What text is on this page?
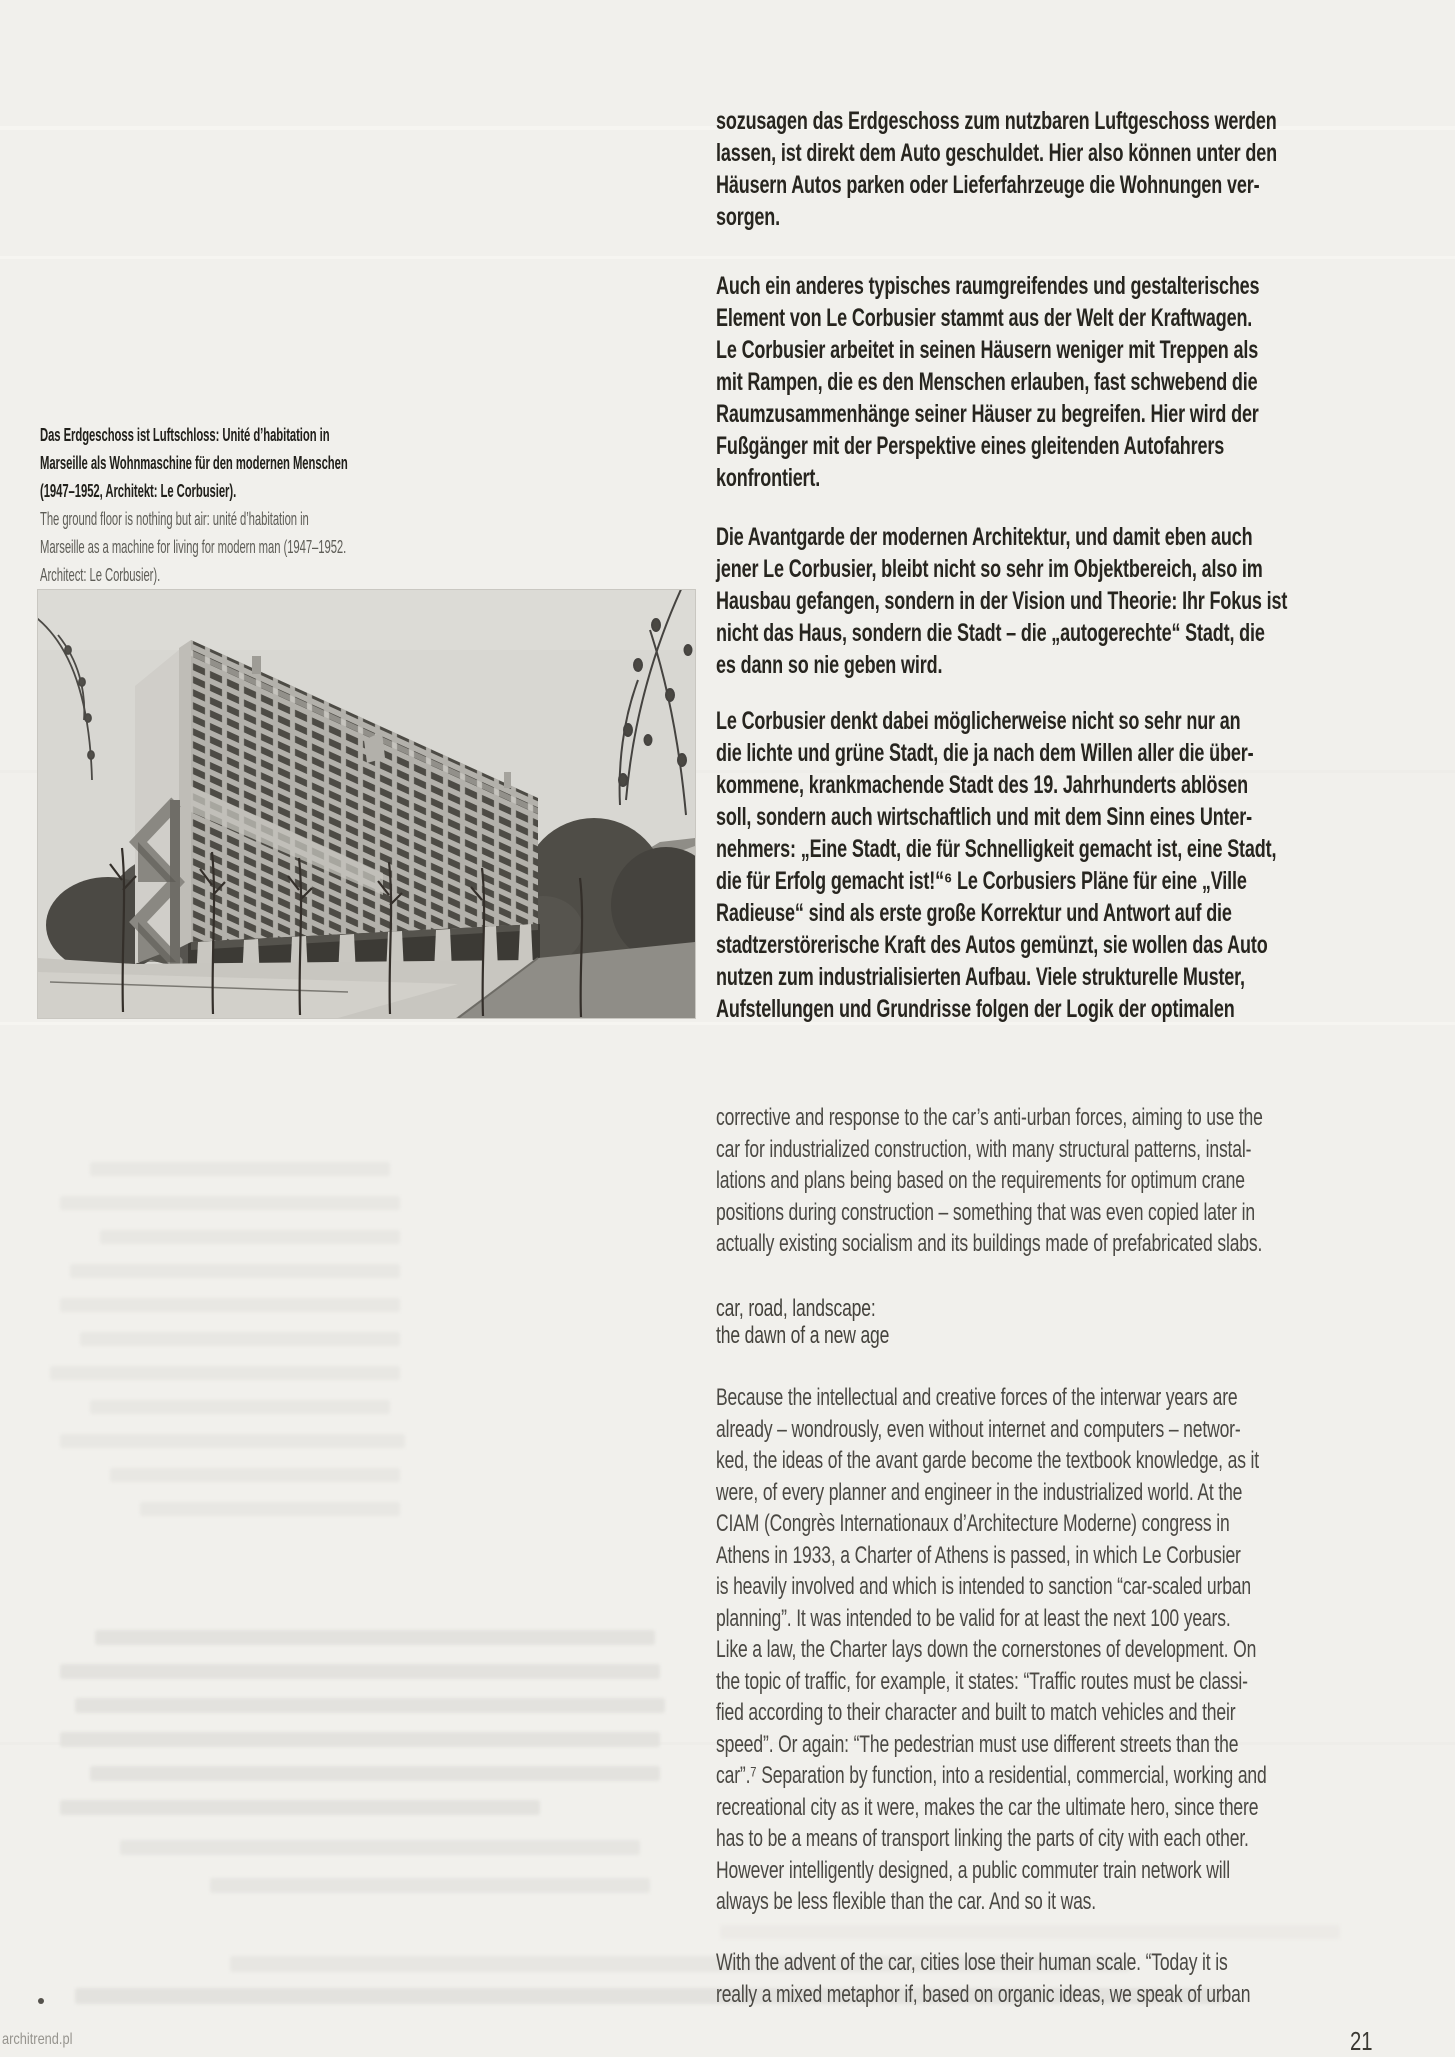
Das Erdgeschoss ist Luftschloss: Unité d’habitation in
Marseille als Wohnmaschine für den modernen Menschen
(1947–1952, Architekt: Le Corbusier).
The ground floor is nothing but air: unité d’habitation in
Marseille as a machine for living for modern man (1947–1952.
Architect: Le Corbusier).
sozusagen das Erdgeschoss zum nutzbaren Luftgeschoss werden
lassen, ist direkt dem Auto geschuldet. Hier also können unter den
Häusern Autos parken oder Lieferfahrzeuge die Wohnungen ver-
sorgen.
Auch ein anderes typisches raumgreifendes und gestalterisches
Element von Le Corbusier stammt aus der Welt der Kraftwagen.
Le Corbusier arbeitet in seinen Häusern weniger mit Treppen als
mit Rampen, die es den Menschen erlauben, fast schwebend die
Raumzusammenhänge seiner Häuser zu begreifen. Hier wird der
Fußgänger mit der Perspektive eines gleitenden Autofahrers
konfrontiert.
Die Avantgarde der modernen Architektur, und damit eben auch
jener Le Corbusier, bleibt nicht so sehr im Objektbereich, also im
Hausbau gefangen, sondern in der Vision und Theorie: Ihr Fokus ist
nicht das Haus, sondern die Stadt – die „autogerechte“ Stadt, die
es dann so nie geben wird.
Le Corbusier denkt dabei möglicherweise nicht so sehr nur an
die lichte und grüne Stadt, die ja nach dem Willen aller die über-
kommene, krankmachende Stadt des 19. Jahrhunderts ablösen
soll, sondern auch wirtschaftlich und mit dem Sinn eines Unter-
nehmers: „Eine Stadt, die für Schnelligkeit gemacht ist, eine Stadt,
die für Erfolg gemacht ist!“⁶ Le Corbusiers Pläne für eine „Ville
Radieuse“ sind als erste große Korrektur und Antwort auf die
stadtzerstörerische Kraft des Autos gemünzt, sie wollen das Auto
nutzen zum industrialisierten Aufbau. Viele strukturelle Muster,
Aufstellungen und Grundrisse folgen der Logik der optimalen
corrective and response to the car’s anti-urban forces, aiming to use the
car for industrialized construction, with many structural patterns, instal-
lations and plans being based on the requirements for optimum crane
positions during construction – something that was even copied later in
actually existing socialism and its buildings made of prefabricated slabs.
car, road, landscape:
the dawn of a new age
Because the intellectual and creative forces of the interwar years are
already – wondrously, even without internet and computers – networ-
ked, the ideas of the avant garde become the textbook knowledge, as it
were, of every planner and engineer in the industrialized world. At the
CIAM (Congrès Internationaux d’Architecture Moderne) congress in
Athens in 1933, a Charter of Athens is passed, in which Le Corbusier
is heavily involved and which is intended to sanction “car-scaled urban
planning”. It was intended to be valid for at least the next 100 years.
Like a law, the Charter lays down the cornerstones of development. On
the topic of traffic, for example, it states: “Traffic routes must be classi-
fied according to their character and built to match vehicles and their
speed”. Or again: “The pedestrian must use different streets than the
car”.⁷ Separation by function, into a residential, commercial, working and
recreational city as it were, makes the car the ultimate hero, since there
has to be a means of transport linking the parts of city with each other.
However intelligently designed, a public commuter train network will
always be less flexible than the car. And so it was.
With the advent of the car, cities lose their human scale. “Today it is
really a mixed metaphor if, based on organic ideas, we speak of urban
21
architrend.pl
